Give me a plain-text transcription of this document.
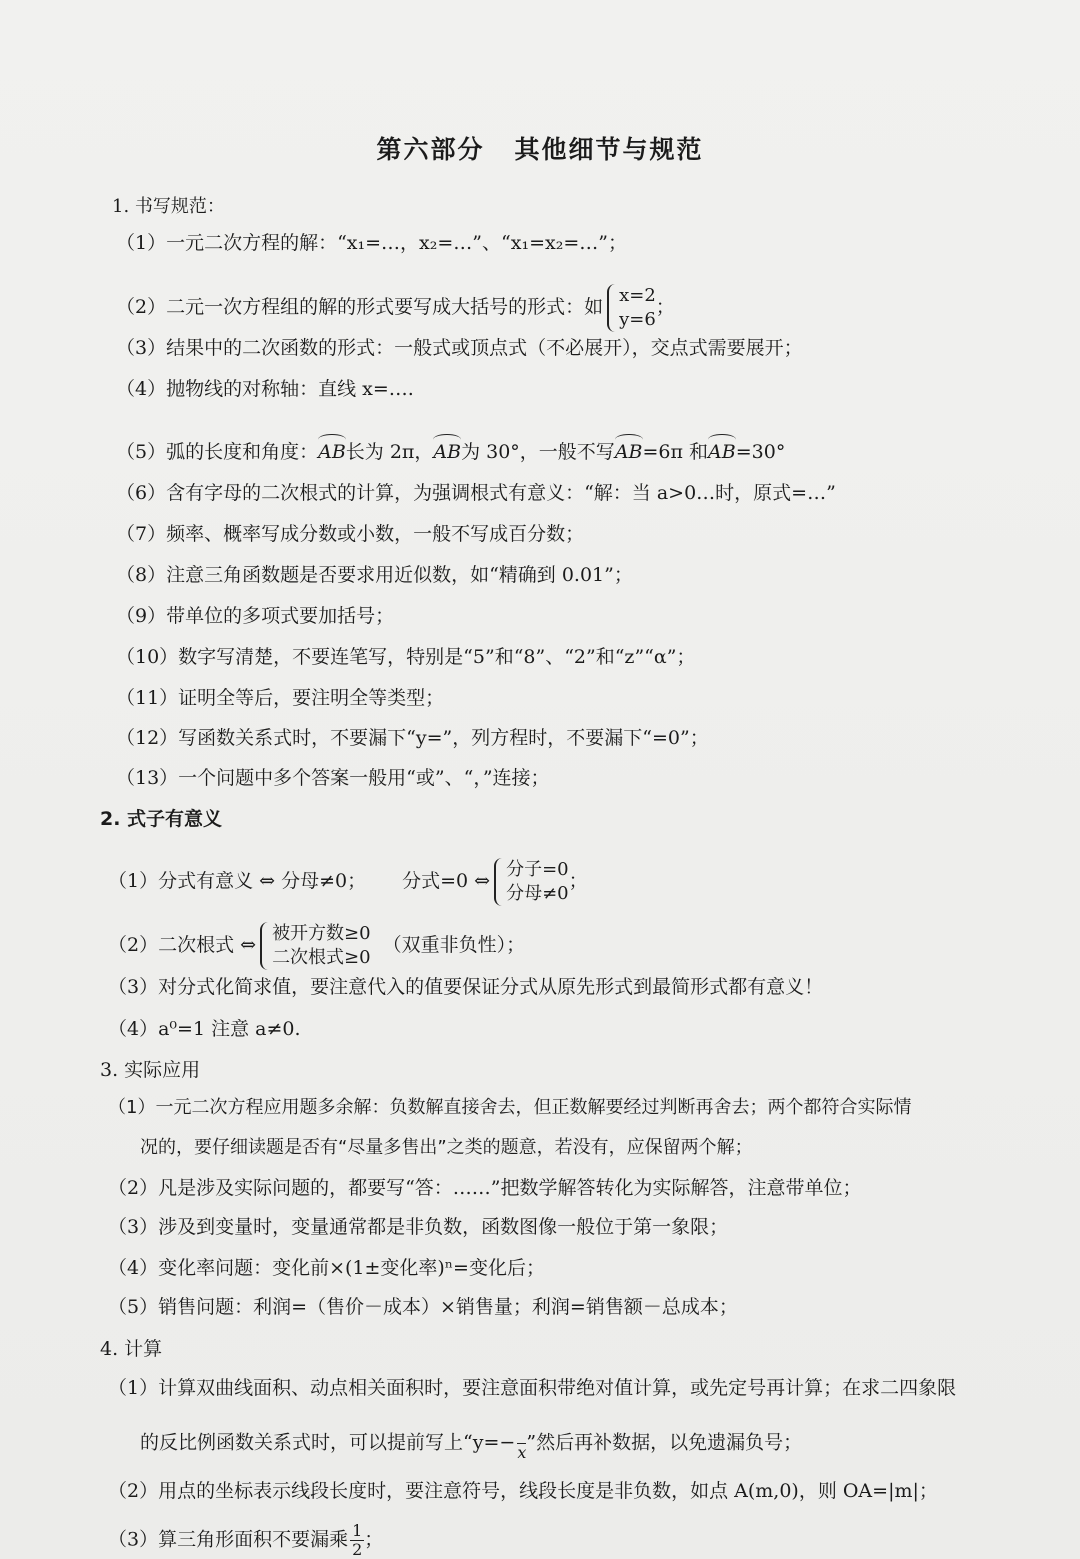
第六部分 其他细节与规范
1. 书写规范：
（1）一元二次方程的解：“x₁=…，x₂=…”、“x₁=x₂=…”；
（2）二元一次方程组的解的形式要写成大括号的形式：如
x=2
y=6
；
（3）结果中的二次函数的形式：一般式或顶点式（不必展开），交点式需要展开；
（4）抛物线的对称轴：直线 x=….
（5）弧的长度和角度：AB长为 2π，AB为 30°，一般不写AB=6π 和AB=30°
（6）含有字母的二次根式的计算，为强调根式有意义：“解：当 a>0…时，原式=…”
（7）频率、概率写成分数或小数，一般不写成百分数；
（8）注意三角函数题是否要求用近似数，如“精确到 0.01”；
（9）带单位的多项式要加括号；
（10）数字写清楚，不要连笔写，特别是“5”和“8”、“2”和“z”“α”；
（11）证明全等后，要注明全等类型；
（12）写函数关系式时，不要漏下“y=”，列方程时，不要漏下“=0”；
（13）一个问题中多个答案一般用“或”、“，”连接；
2. 式子有意义
（1）分式有意义 ⇔ 分母≠0； 分式=0 ⇔
分子=0
分母≠0
；
（2）二次根式 ⇔
被开方数≥0
二次根式≥0
（双重非负性）；
（3）对分式化简求值，要注意代入的值要保证分式从原先形式到最简形式都有意义！
（4）a⁰=1 注意 a≠0.
3. 实际应用
（1）一元二次方程应用题多余解：负数解直接舍去，但正数解要经过判断再舍去；两个都符合实际情
况的，要仔细读题是否有“尽量多售出”之类的题意，若没有，应保留两个解；
（2）凡是涉及实际问题的，都要写“答：……”把数学解答转化为实际解答，注意带单位；
（3）涉及到变量时，变量通常都是非负数，函数图像一般位于第一象限；
（4）变化率问题：变化前×(1±变化率)ⁿ=变化后；
（5）销售问题：利润=（售价－成本）×销售量；利润=销售额－总成本；
4. 计算
（1）计算双曲线面积、动点相关面积时，要注意面积带绝对值计算，或先定号再计算；在求二四象限
的反比例函数关系式时，可以提前写上“y=−
x ”然后再补数据，以免遗漏负号；
（2）用点的坐标表示线段长度时，要注意符号，线段长度是非负数，如点 A(m,0)，则 OA=|m|；
（3）算三角形面积不要漏乘 $\frac{1}{2}$ ；
